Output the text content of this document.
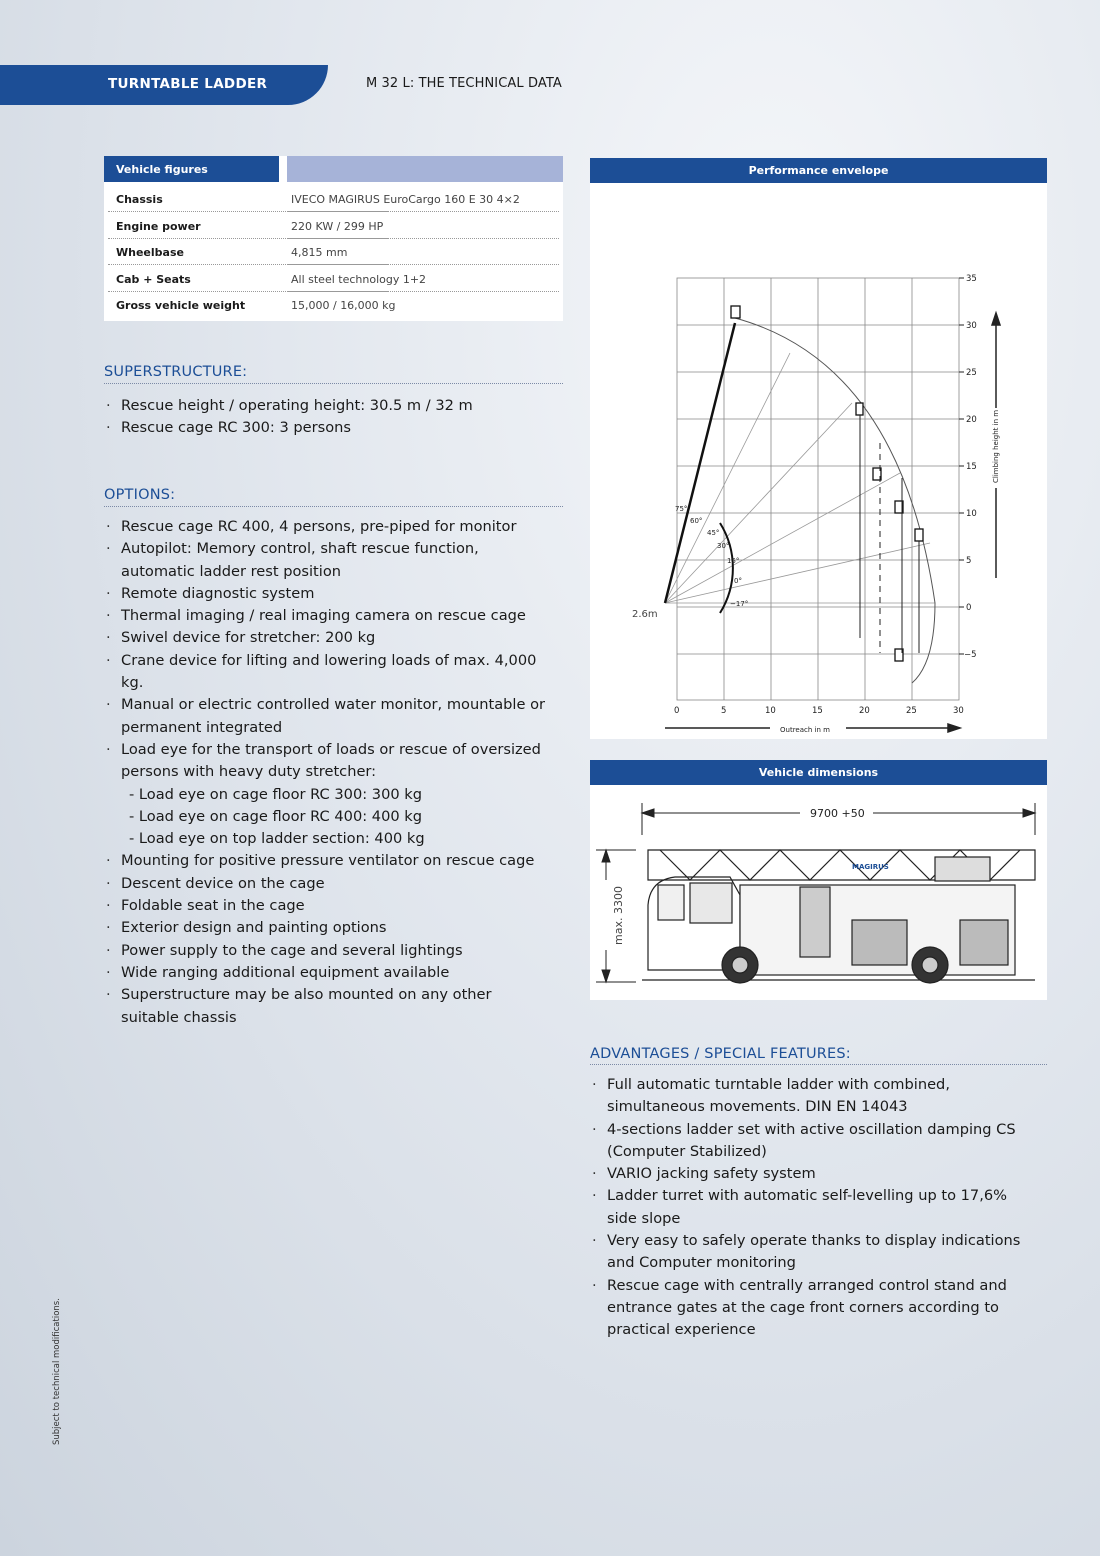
TURNTABLE LADDER	M 32 L: THE TECHNICAL DATA
Vehicle figures
Chassis	IVECO MAGIRUS EuroCargo 160 E 30 4×2
Engine power	220 KW / 299 HP
Wheelbase	4,815 mm
Cab + Seats	All steel technology 1+2
Gross vehicle weight	15,000 / 16,000 kg
SUPERSTRUCTURE:
· Rescue height / operating height: 30.5 m / 32 m
· Rescue cage RC 300: 3 persons
OPTIONS:
· Rescue cage RC 400, 4 persons, pre-piped for monitor
· Autopilot: Memory control, shaft rescue function, automatic ladder rest position
· Remote diagnostic system
· Thermal imaging / real imaging camera on rescue cage
· Swivel device for stretcher: 200 kg
· Crane device for lifting and lowering loads of max. 4,000 kg.
· Manual or electric controlled water monitor, mountable or permanent integrated
· Load eye for the transport of loads or rescue of oversized persons with heavy duty stretcher:
- Load eye on cage floor RC 300: 300 kg
- Load eye on cage floor RC 400: 400 kg
- Load eye on top ladder section: 400 kg
· Mounting for positive pressure ventilator on rescue cage
· Descent device on the cage
· Foldable seat in the cage
· Exterior design and painting options
· Power supply to the cage and several lightings
· Wide ranging additional equipment available
· Superstructure may be also mounted on any other suitable chassis
Performance envelope
35
30
25
20
15
10
5
0
−5
0	5	10	15	20	25	30
75°
60°
45°
30°
15°
0°
−17°
2.6m
Outreach in m
Climbing height in m
Vehicle dimensions
9700 +50
max. 3300
MAGIRUS
ADVANTAGES / SPECIAL FEATURES:
· Full automatic turntable ladder with combined, simultaneous movements. DIN EN 14043
· 4-sections ladder set with active oscillation damping CS (Computer Stabilized)
· VARIO jacking safety system
· Ladder turret with automatic self-levelling up to 17,6% side slope
· Very easy to safely operate thanks to display indications and Computer monitoring
· Rescue cage with centrally arranged control stand and entrance gates at the cage front corners according to practical experience
Subject to technical modifications.
